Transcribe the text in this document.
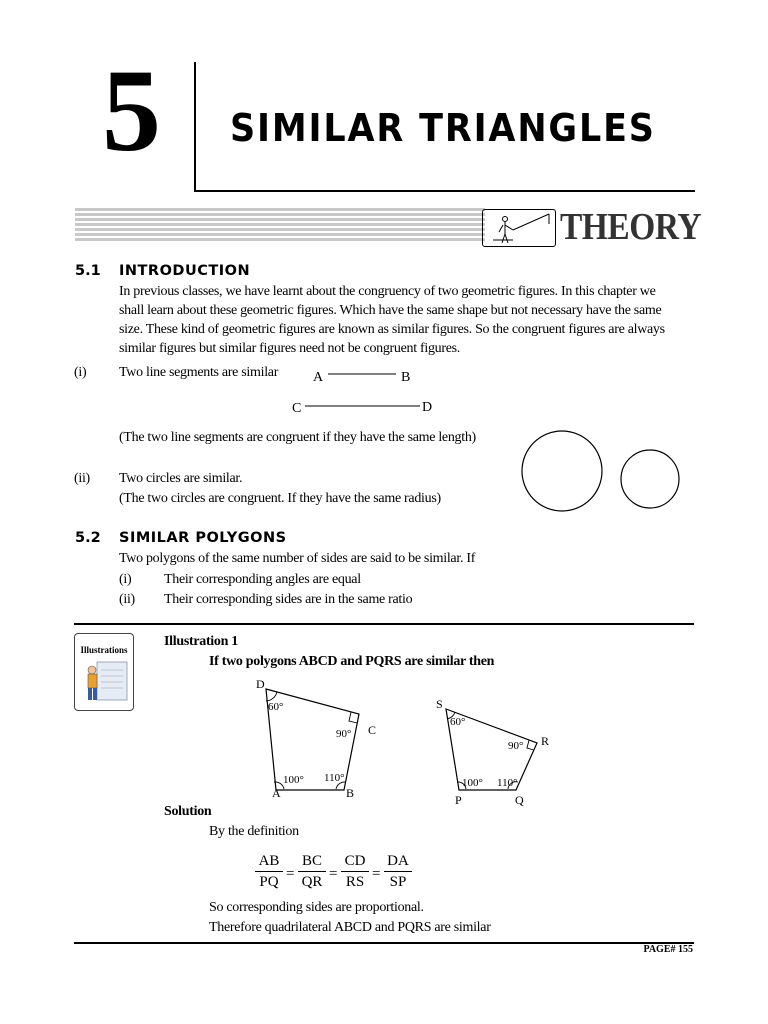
5 SIMILAR TRIANGLES
THEORY
5.1 INTRODUCTION
In previous classes, we have learnt about the congruency of two geometric figures. In this chapter we
shall learn about these geometric figures. Which have the same shape but not necessary have the same
size. These kind of geometric figures are known as similar figures. So the congruent figures are always
similar figures but similar figures need not be congruent figures.
(i) Two line segments are similar A	B
C	D
(The two line segments are congruent if they have the same length)
(ii) Two circles are similar.
(The two circles are congruent. If they have the same radius)
5.2 SIMILAR POLYGONS
Two polygons of the same number of sides are said to be similar. If
(i) Their corresponding angles are equal
(ii) Their corresponding sides are in the same ratio
Illustrations
Illustration 1
If two polygons ABCD and PQRS are similar then
D
C
A	B
60°
90°
100° 110°
S
R
P	Q
60°
90°
100° 110°
Solution
By the definition
$\frac{AB}{PQ} = \frac{BC}{QR} = \frac{CD}{RS} = \frac{DA}{SP}$
So corresponding sides are proportional.
Therefore quadrilateral ABCD and PQRS are similar
PAGE# 155
